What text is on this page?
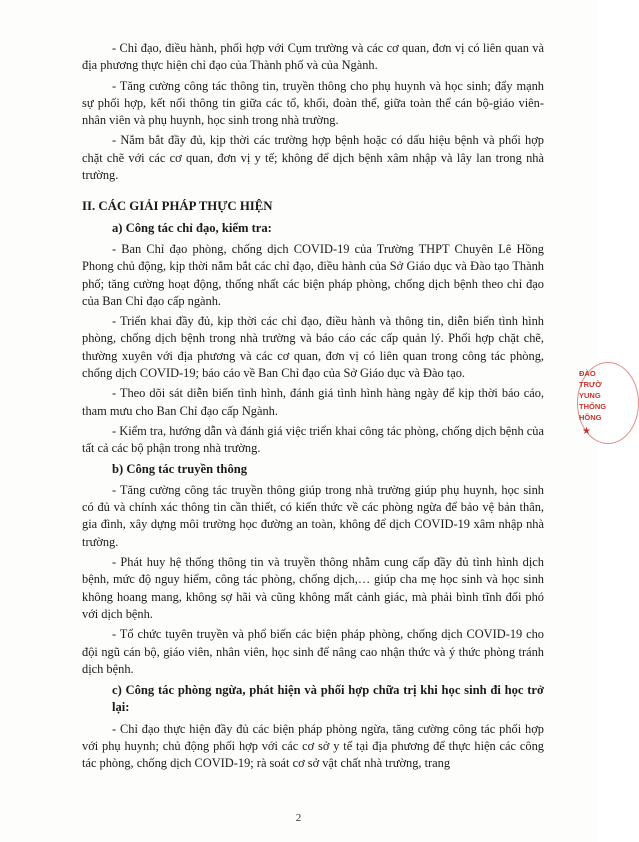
- Chỉ đạo, điều hành, phối hợp với Cụm trường và các cơ quan, đơn vị có liên quan và địa phương thực hiện chỉ đạo của Thành phố và của Ngành.

- Tăng cường công tác thông tin, truyền thông cho phụ huynh và học sinh; đẩy mạnh sự phối hợp, kết nối thông tin giữa các tổ, khối, đoàn thể, giữa toàn thể cán bộ-giáo viên-nhân viên và phụ huynh, học sinh trong nhà trường.

- Nắm bắt đầy đủ, kịp thời các trường hợp bệnh hoặc có dấu hiệu bệnh và phối hợp chặt chẽ với các cơ quan, đơn vị y tế; không để dịch bệnh xâm nhập và lây lan trong nhà trường.

II. CÁC GIẢI PHÁP THỰC HIỆN

a) Công tác chỉ đạo, kiểm tra:

- Ban Chỉ đạo phòng, chống dịch COVID-19 của Trường THPT Chuyên Lê Hồng Phong chủ động, kịp thời nắm bắt các chỉ đạo, điều hành của Sở Giáo dục và Đào tạo Thành phố; tăng cường hoạt động, thống nhất các biện pháp phòng, chống dịch bệnh theo chỉ đạo của Ban Chỉ đạo cấp ngành.

- Triển khai đầy đủ, kịp thời các chỉ đạo, điều hành và thông tin, diễn biến tình hình phòng, chống dịch bệnh trong nhà trường và báo cáo các cấp quản lý. Phối hợp chặt chẽ, thường xuyên với địa phương và các cơ quan, đơn vị có liên quan trong công tác phòng, chống dịch COVID-19; báo cáo về Ban Chỉ đạo của Sở Giáo dục và Đào tạo.

- Theo dõi sát diễn biến tình hình, đánh giá tình hình hàng ngày để kịp thời báo cáo, tham mưu cho Ban Chỉ đạo cấp Ngành.

- Kiểm tra, hướng dẫn và đánh giá việc triển khai công tác phòng, chống dịch bệnh của tất cả các bộ phận trong nhà trường.

b) Công tác truyền thông

- Tăng cường công tác truyền thông giúp trong nhà trường giúp phụ huynh, học sinh có đủ và chính xác thông tin cần thiết, có kiến thức về các phòng ngừa để bảo vệ bản thân, gia đình, xây dựng môi trường học đường an toàn, không để dịch COVID-19 xâm nhập nhà trường.

- Phát huy hệ thống thông tin và truyền thông nhằm cung cấp đầy đủ tình hình dịch bệnh, mức độ nguy hiểm, công tác phòng, chống dịch,… giúp cha mẹ học sinh và học sinh không hoang mang, không sợ hãi và cũng không mất cảnh giác, mà phải bình tĩnh đối phó với dịch bệnh.

- Tổ chức tuyên truyền và phổ biến các biện pháp phòng, chống dịch COVID-19 cho đội ngũ cán bộ, giáo viên, nhân viên, học sinh để nâng cao nhận thức và ý thức phòng tránh dịch bệnh.

c) Công tác phòng ngừa, phát hiện và phối hợp chữa trị khi học sinh đi học trở lại:

- Chỉ đạo thực hiện đầy đủ các biện pháp phòng ngừa, tăng cường công tác phối hợp với phụ huynh; chủ động phối hợp với các cơ sở y tế tại địa phương để thực hiện các công tác phòng, chống dịch COVID-19; rà soát cơ sở vật chất nhà trường, trang

ĐÀO
TRƯỜ
YUNG
THỐNG
HỒNG
★
2
